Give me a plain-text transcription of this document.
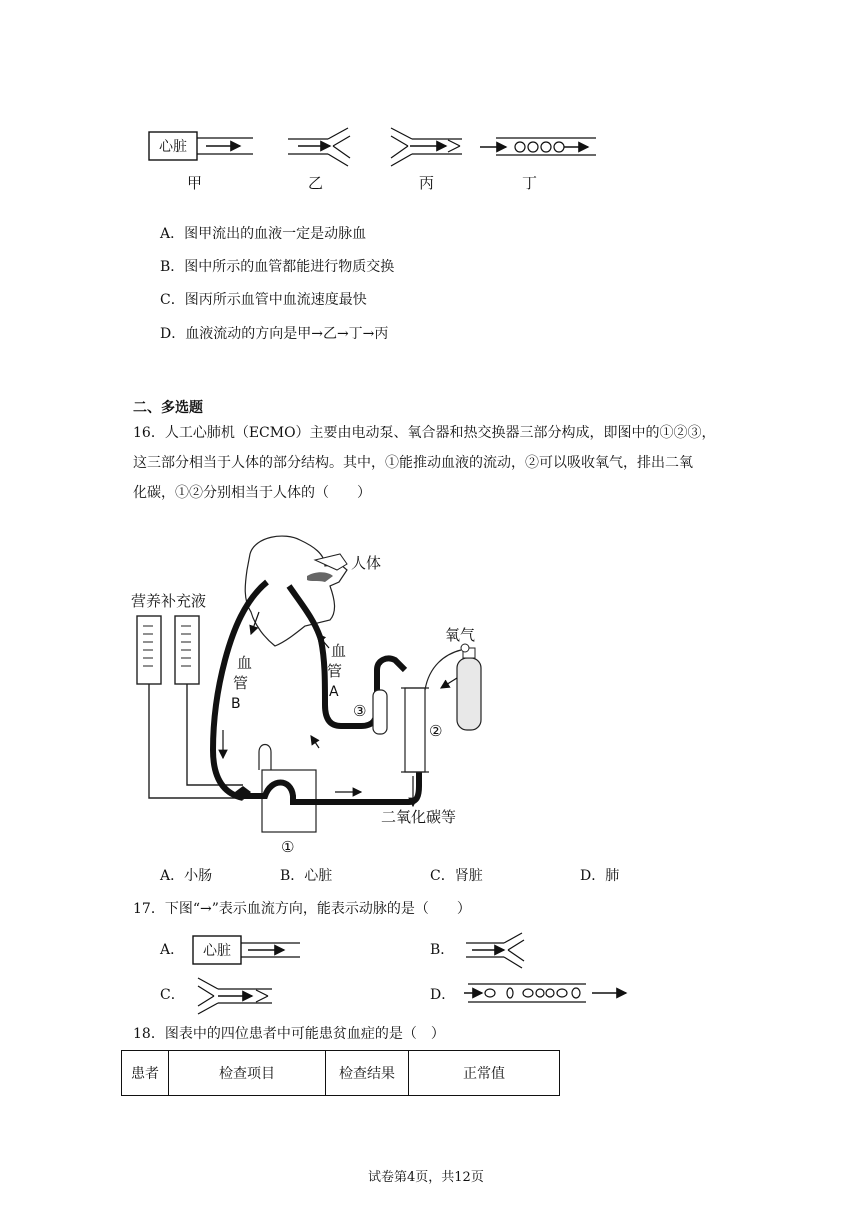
心脏
甲	乙	丙	丁
A．图甲流出的血液一定是动脉血
B．图中所示的血管都能进行物质交换
C．图丙所示血管中血流速度最快
D．血液流动的方向是甲→乙→丁→丙
二、多选题
16．人工心肺机（ECMO）主要由电动泵、氧合器和热交换器三部分构成，即图中的①②③，
这三部分相当于人体的部分结构。其中，①能推动血液的流动，②可以吸收氧气，排出二氧
化碳，①②分别相当于人体的（　　）
人体
营养补充液
氧气
血
管
B
血
管
A
③
②
①
二氧化碳等
A．小肠	B．心脏	C．肾脏	D．肺
17．下图“→”表示血流方向，能表示动脉的是（　　）
A． 心脏	B．
C．	D．
18．图表中的四位患者中可能患贫血症的是（　）
患者	检查项目	检查结果	正常值
试卷第4页，共12页
